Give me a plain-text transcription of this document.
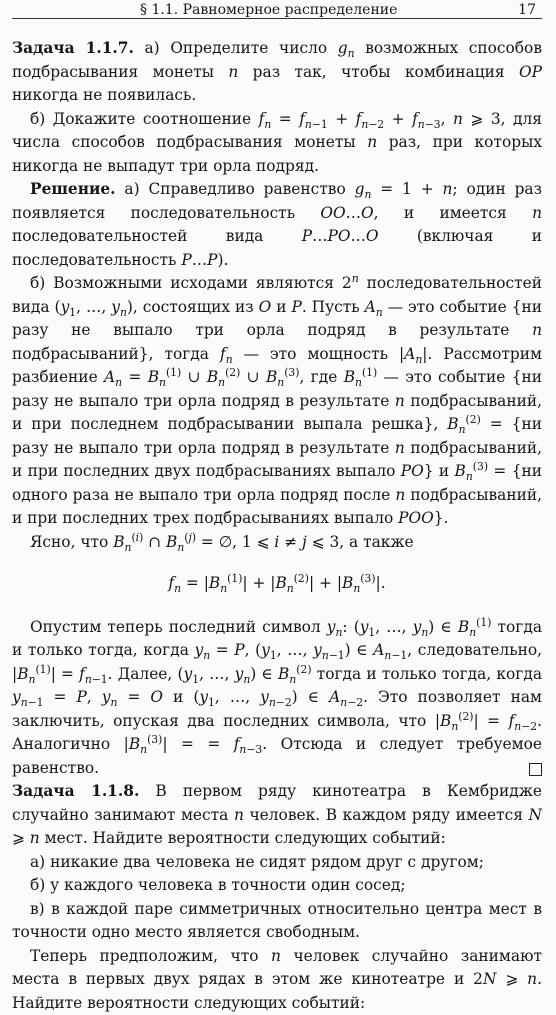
§ 1.1. Равномерное распределение	17

Задача 1.1.7. а) Определите число $g_n$ возможных способов подбрасывания монеты n раз так, чтобы комбинация ОР никогда не появилась.

б) Докажите соотношение $f_n = f_{n-1} + f_{n-2} + f_{n-3}$, n ⩾ 3, для числа способов подбрасывания монеты n раз, при которых никогда не выпадут три орла подряд.

Решение. а) Справедливо равенство $g_n = 1 + n$; один раз появляется последовательность ОО…О, и имеется n последовательностей вида Р…РО…О (включая и последовательность Р…Р).

б) Возможными исходами являются 2$^n$ последовательностей вида ($y_1$, …, $y_n$), состоящих из О и Р. Пусть $A_n$ — это событие {ни разу не выпало три орла подряд в результате n подбрасываний}, тогда $f_n$ — это мощность $|A_n|$. Рассмотрим разбиение $A_n = B_n^{(1)}$ ∪ $B_n^{(2)}$ ∪ $B_n^{(3)}$, где $B_n^{(1)}$ — это событие {ни разу не выпало три орла подряд в результате n подбрасываний, и при последнем подбрасывании выпала решка}, $B_n^{(2)} = \{ни$ разу не выпало три орла подряд в результате n подбрасываний, и при последних двух подбрасываниях выпало РО} и $B_n^{(3)} = \{ни$ одного раза не выпало три орла подряд после n подбрасываний, и при последних трех подбрасываниях выпало РОО}.

Ясно, что $B_n^{(i)}$ ∩ $B_n^{(j)}$ = ∅, 1 ⩽ i ≠ j ⩽ 3, а также

$f_n = |B_n^{(1)}| + |B_n^{(2)}| + |B_n^{(3)}|$.

Опустим теперь последний символ $y_n$: ($y_1$, …, $y_n$) ∈ $B_n^{(1)}$ тогда и только тогда, когда $y_n = P$, ($y_1$, …, $y_{n-1}$) ∈ $A_{n-1}$, следовательно, $|B_n^{(1)}| = f_{n-1}$. Далее, ($y_1$, …, $y_n$) ∈ $B_n^{(2)}$ тогда и только тогда, когда $y_{n-1} = P$, $y_n = O$ и ($y_1$, …, $y_{n-2}$) ∈ $A_{n-2}$. Это позволяет нам заключить, опуская два последних символа, что $|B_n^{(2)}| = f_{n-2}$. Аналогично $|B_n^{(3)}|$ = = $f_{n-3}$. Отсюда и следует требуемое равенство.

Задача 1.1.8. В первом ряду кинотеатра в Кембридже случайно занимают места n человек. В каждом ряду имеется N ⩾ n мест. Найдите вероятности следующих событий:

а) никакие два человека не сидят рядом друг с другом;

б) у каждого человека в точности один сосед;

в) в каждой паре симметричных относительно центра мест в точности одно место является свободным.

Теперь предположим, что n человек случайно занимают места в первых двух рядах в этом же кинотеатре и 2N ⩾ n. Найдите вероятности следующих событий:
